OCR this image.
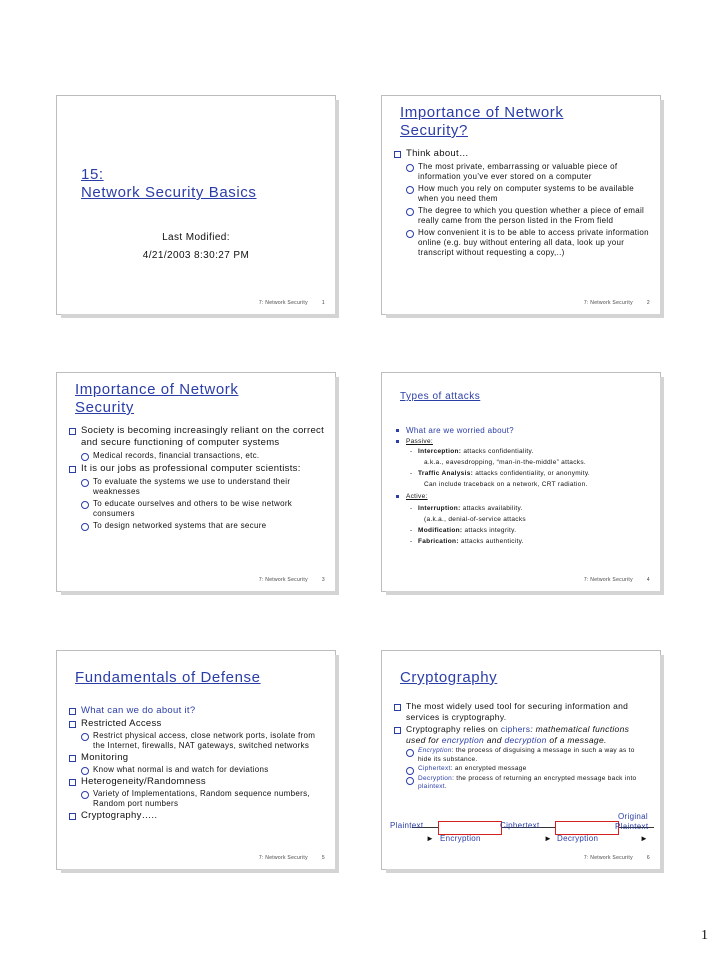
15:
Network Security Basics
Last Modified:
4/21/2003 8:30:27 PM
7: Network Security	1
Importance of Network
Security?

Think about…

The most private, embarrassing or valuable piece of information you’ve ever stored on a computer

How much you rely on computer systems to be available when you need them

The degree to which you question whether a piece of email really came from the person listed in the From field

How convenient it is to be able to access private information online (e.g. buy without entering all data, look up your transcript without requesting a copy,..)

7: Network Security	2
Importance of Network
Security

Society is becoming increasingly reliant on the correct and secure functioning of computer systems

Medical records, financial transactions, etc.

It is our jobs as professional computer scientists:

To evaluate the systems we use to understand their weaknesses

To educate ourselves and others to be wise network consumers

To design networked systems that are secure

7: Network Security	3
Types of attacks

What are we worried about?

Passive:

- Interception: attacks confidentiality.

a.k.a., eavesdropping, “man-in-the-middle” attacks.

- Traffic Analysis: attacks confidentiality, or anonymity.

Can include traceback on a network, CRT radiation.

Active:

- Interruption: attacks availability.

(a.k.a., denial-of-service attacks

- Modification: attacks integrity.

- Fabrication: attacks authenticity.

7: Network Security	4
Fundamentals of Defense

What can we do about it?

Restricted Access

Restrict physical access, close network ports, isolate from the Internet, firewalls, NAT gateways, switched networks

Monitoring

Know what normal is and watch for deviations

Heterogeneity/Randomness

Variety of Implementations, Random sequence numbers, Random port numbers

Cryptography…..

7: Network Security	5
Cryptography

The most widely used tool for securing information and services is cryptography.

Cryptography relies on ciphers: mathematical functions used for encryption and decryption of a message.

Encryption: the process of disguising a message in such a way as to hide its substance.

Ciphertext: an encrypted message

Decryption: the process of returning an encrypted message back into plaintext.

Plaintext	Ciphertext
Original
Plaintext
► Encryption	► Decryption	►
7: Network Security	6
1
